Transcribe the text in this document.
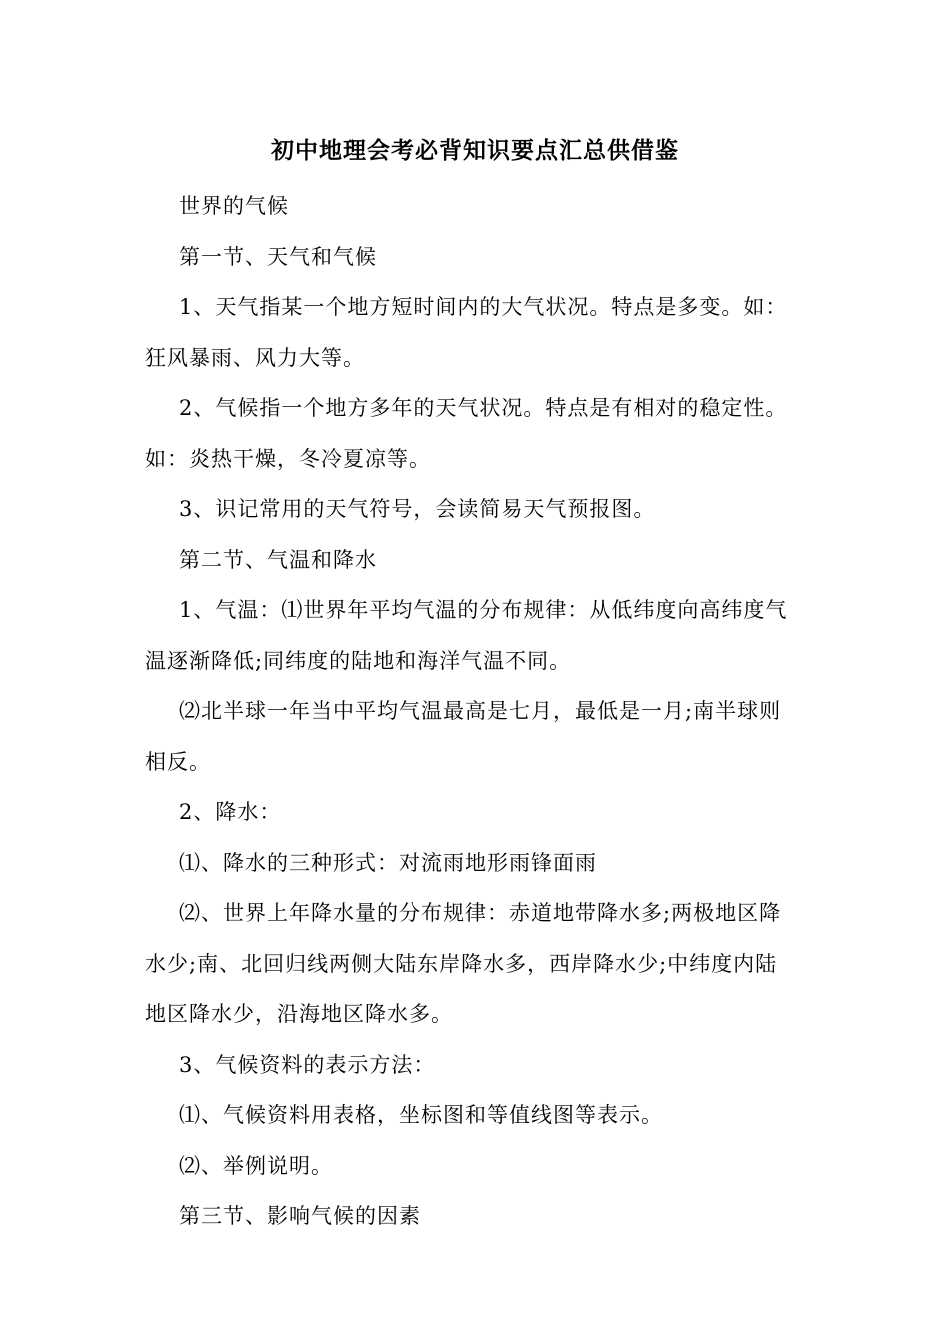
初中地理会考必背知识要点汇总供借鉴

世界的气候

第一节、天气和气候

1、天气指某一个地方短时间内的大气状况。特点是多变。如：狂风暴雨、风力大等。

2、气候指一个地方多年的天气状况。特点是有相对的稳定性。如：炎热干燥，冬冷夏凉等。

3、识记常用的天气符号，会读简易天气预报图。

第二节、气温和降水

1、气温：⑴世界年平均气温的分布规律：从低纬度向高纬度气温逐渐降低;同纬度的陆地和海洋气温不同。

⑵北半球一年当中平均气温最高是七月，最低是一月;南半球则相反。

2、降水：

⑴、降水的三种形式：对流雨地形雨锋面雨

⑵、世界上年降水量的分布规律：赤道地带降水多;两极地区降水少;南、北回归线两侧大陆东岸降水多，西岸降水少;中纬度内陆地区降水少，沿海地区降水多。

3、气候资料的表示方法：

⑴、气候资料用表格，坐标图和等值线图等表示。

⑵、举例说明。

第三节、影响气候的因素
